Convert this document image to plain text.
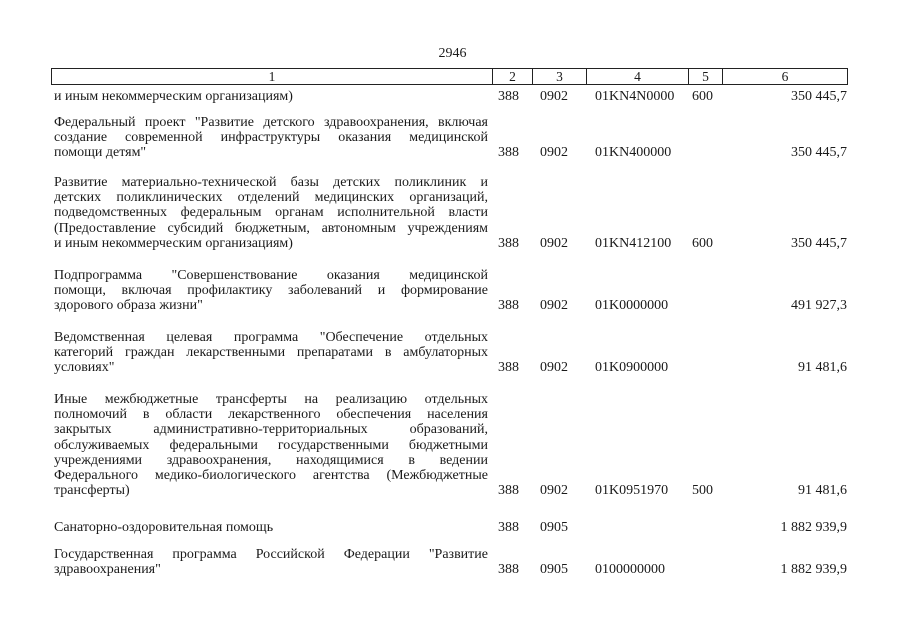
2946
1	2	3	4	5	6
и иным некоммерческим организациям)	388 0902 01KN4N0000 600	350 445,7
Федеральный проект "Развитие детского здравоохранения, включая
создание современной инфраструктуры оказания медицинской
помощи детям"	388 0902 01KN400000	350 445,7
Развитие материально-технической базы детских поликлиник и
детских поликлинических отделений медицинских организаций,
подведомственных федеральным органам исполнительной власти
(Предоставление субсидий бюджетным, автономным учреждениям
и иным некоммерческим организациям)	388 0902 01KN412100 600	350 445,7
Подпрограмма "Совершенствование оказания медицинской
помощи, включая профилактику заболеваний и формирование
здорового образа жизни"	388 0902 01K0000000	491 927,3
Ведомственная целевая программа "Обеспечение отдельных
категорий граждан лекарственными препаратами в амбулаторных
условиях"	388 0902 01K0900000	91 481,6
Иные межбюджетные трансферты на реализацию отдельных
полномочий в области лекарственного обеспечения населения
закрытых административно-территориальных образований,
обслуживаемых федеральными государственными бюджетными
учреждениями здравоохранения, находящимися в ведении
Федерального медико-биологического агентства (Межбюджетные
трансферты)	388 0902 01K0951970 500	91 481,6
Санаторно-оздоровительная помощь	388 0905	1 882 939,9
Государственная программа Российской Федерации "Развитие
здравоохранения"	388 0905 0100000000	1 882 939,9
